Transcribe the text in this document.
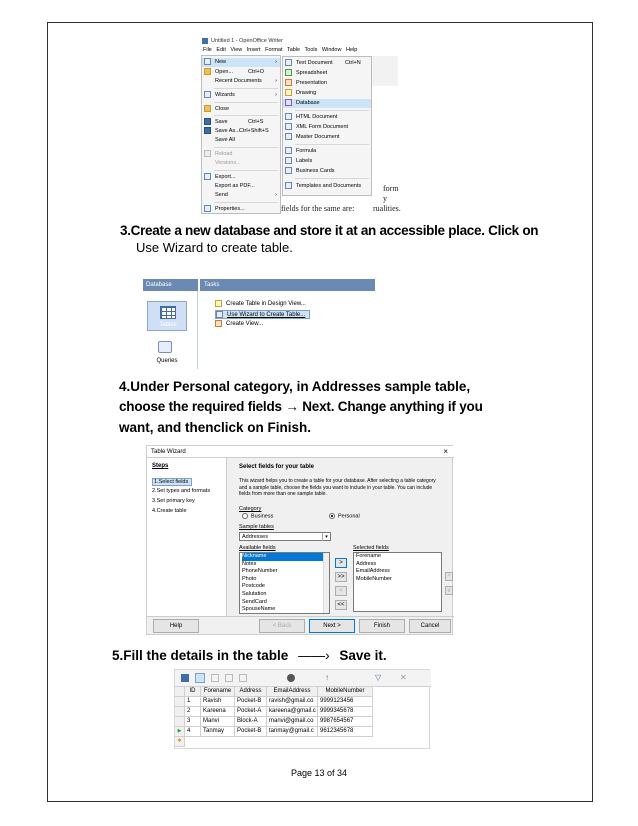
Untitled 1 - OpenOffice Writer
File Edit View Insert Format Table Tools Window Help
form y
rualities.
fields for the same are:
New	›
Open...	Ctrl+O
Recent Documents ›
Wizards	›
Close
Save	Ctrl+S
Save As... Ctrl+Shift+S
Save All
Reload
Versions...
Export...
Export as PDF...
Send	›
Properties...
Text Document Ctrl+N
Spreadsheet
Presentation
Drawing
Database
HTML Document
XML Form Document
Master Document
Formula
Labels
Business Cards
Templates and Documents
3.Create a new database and store it at an accessible place. Click on
Use Wizard to create table.
Database	Tasks
Tables
Queries
Create Table in Design View...
Use Wizard to Create Table...
Create View...
4.Under Personal category, in Addresses sample table,
choose the required fields → Next. Change anything if you
want, and thenclick on Finish.
Table Wizard	×
Steps
1.Select fields
2.Set types and formats
3.Set primary key
4.Create table
Select fields for your table
This wizard helps you to create a table for your database. After selecting a table category and a sample table, choose the fields you want to include in your table. You can include fields from more than one sample table.
Category
Business	Personal
Sample tables
Addresses	▾
Available fields
Nickname
Notes
PhoneNumber
Photo
Postcode
Salutation
SendCard
SpouseName
>
>>
<
<<
Selected fields
Forename
Address
EmailAddress
MobileNumber	^
v
Help	< Back	Next >	Finish	Cancel
5.Fill the details in the table ——› Save it.
↑	▽ ✕
ID	Forename	Address	EmailAddress	MobileNumber
1	Ravish	Pocket-B	ravish@gmail.co	9999123456
2	Kareena	Pocket-A	kareena@gmail.c 9999345678
3	Manvi	Block-A	manvi@gmail.co	9987654567
▶ 4	Tanmay	Pocket-B	tanmay@gmail.c	9612345678
✱
Page 13 of 34
